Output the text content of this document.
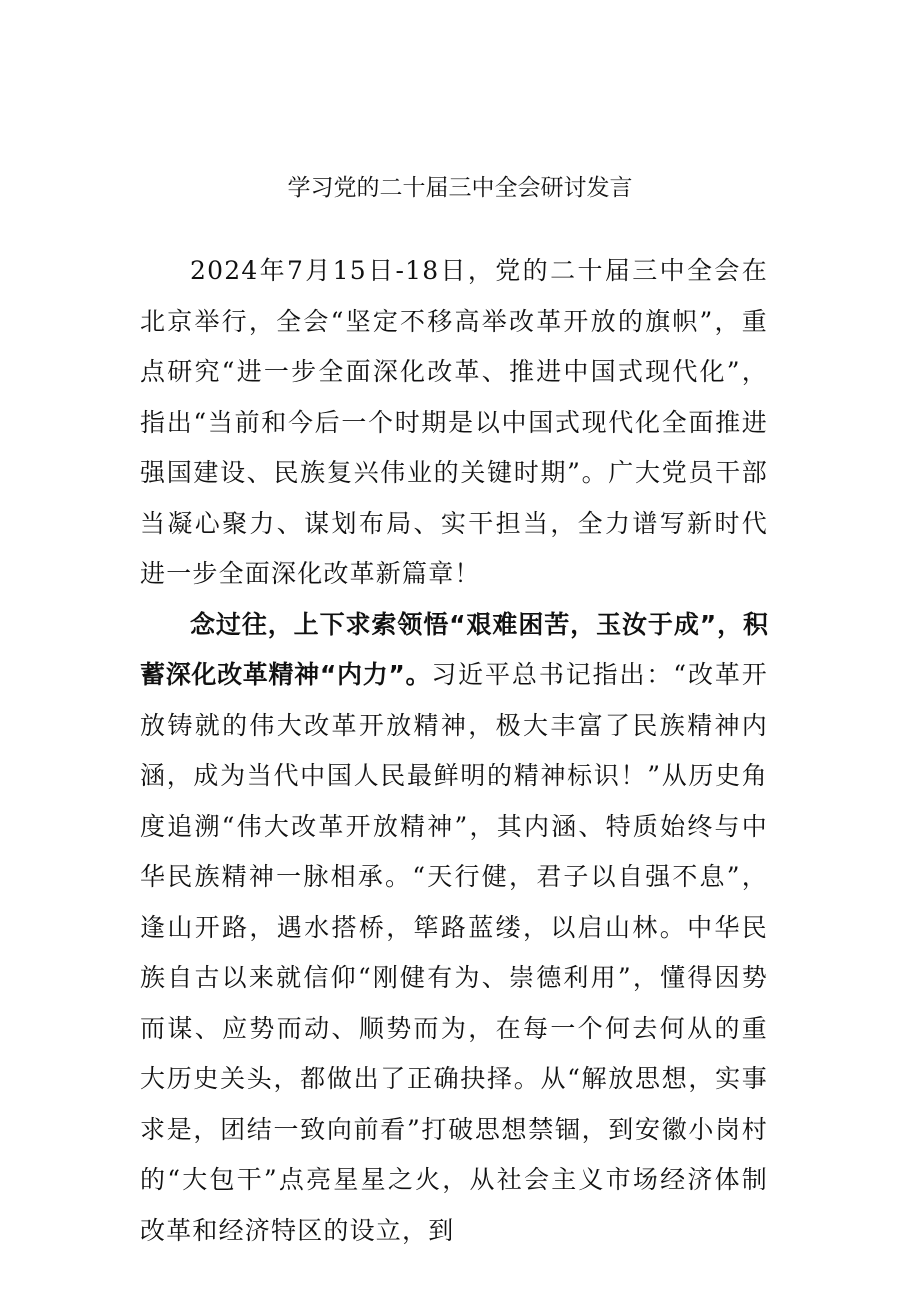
学习党的二十届三中全会研讨发言

2024年7月15日-18日，党的二十届三中全会在北京举行，全会“坚定不移高举改革开放的旗帜”，重点研究“进一步全面深化改革、推进中国式现代化”，指出“当前和今后一个时期是以中国式现代化全面推进强国建设、民族复兴伟业的关键时期”。广大党员干部当凝心聚力、谋划布局、实干担当，全力谱写新时代进一步全面深化改革新篇章！

念过往，上下求索领悟“艰难困苦，玉汝于成”，积蓄深化改革精神“内力”。习近平总书记指出：“改革开放铸就的伟大改革开放精神，极大丰富了民族精神内涵，成为当代中国人民最鲜明的精神标识！”从历史角度追溯“伟大改革开放精神”，其内涵、特质始终与中华民族精神一脉相承。“天行健，君子以自强不息”，逢山开路，遇水搭桥，筚路蓝缕，以启山林。中华民族自古以来就信仰“刚健有为、崇德利用”，懂得因势而谋、应势而动、顺势而为，在每一个何去何从的重大历史关头，都做出了正确抉择。从“解放思想，实事求是，团结一致向前看”打破思想禁锢，到安徽小岗村的“大包干”点亮星星之火，从社会主义市场经济体制改革和经济特区的设立，到
